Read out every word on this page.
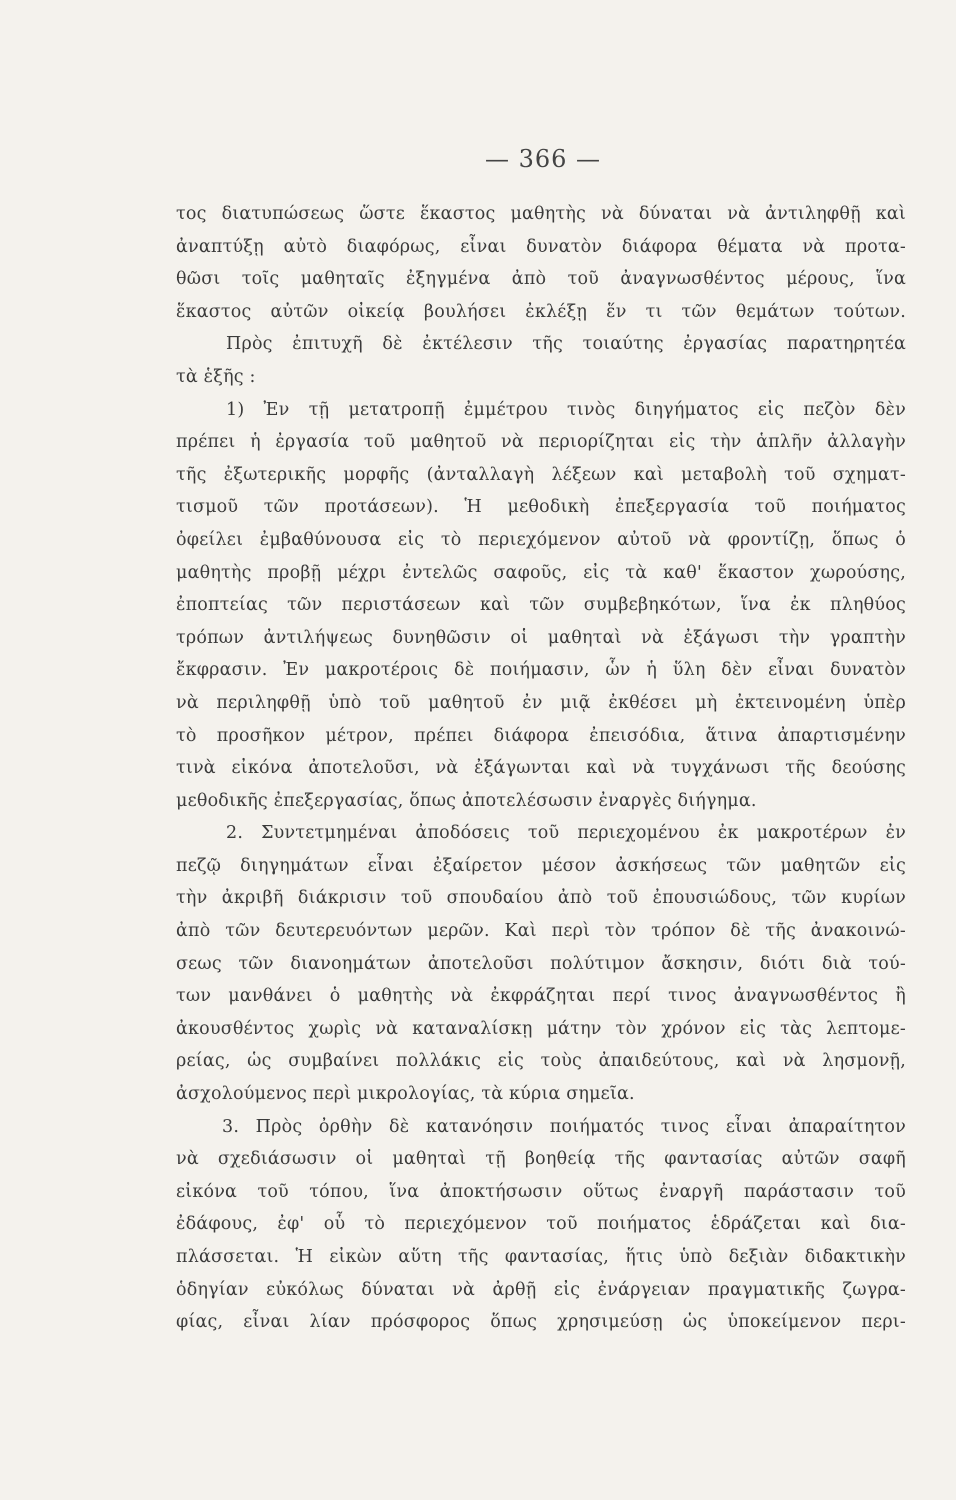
— 366 —
τος διατυπώσεως ὥστε ἕκαστος μαθητὴς νὰ δύναται νὰ ἀντιληφθῇ καὶ
ἀναπτύξῃ αὐτὸ διαφόρως, εἶναι δυνατὸν διάφορα θέματα νὰ προτα-
θῶσι τοῖς μαθηταῖς ἐξηγμένα ἀπὸ τοῦ ἀναγνωσθέντος μέρους, ἵνα
ἕκαστος αὐτῶν οἰκείᾳ βουλήσει ἐκλέξῃ ἕν τι τῶν θεμάτων τούτων.
Πρὸς ἐπιτυχῆ δὲ ἐκτέλεσιν τῆς τοιαύτης ἐργασίας παρατηρητέα
τὰ ἑξῆς :
1) Ἐν τῇ μετατροπῇ ἐμμέτρου τινὸς διηγήματος εἰς πεζὸν δὲν
πρέπει ἡ ἐργασία τοῦ μαθητοῦ νὰ περιορίζηται εἰς τὴν ἁπλῆν ἀλλαγὴν
τῆς ἐξωτερικῆς μορφῆς (ἀνταλλαγὴ λέξεων καὶ μεταβολὴ τοῦ σχηματ-
τισμοῦ τῶν προτάσεων). Ἡ μεθοδικὴ ἐπεξεργασία τοῦ ποιήματος
ὀφείλει ἐμβαθύνουσα εἰς τὸ περιεχόμενον αὐτοῦ νὰ φροντίζῃ, ὅπως ὁ
μαθητὴς προβῇ μέχρι ἐντελῶς σαφοῦς, εἰς τὰ καθ' ἕκαστον χωρούσης,
ἐποπτείας τῶν περιστάσεων καὶ τῶν συμβεβηκότων, ἵνα ἐκ πληθύος
τρόπων ἀντιλήψεως δυνηθῶσιν οἱ μαθηταὶ νὰ ἐξάγωσι τὴν γραπτὴν
ἔκφρασιν. Ἐν μακροτέροις δὲ ποιήμασιν, ὧν ἡ ὕλη δὲν εἶναι δυνατὸν
νὰ περιληφθῇ ὑπὸ τοῦ μαθητοῦ ἐν μιᾷ ἐκθέσει μὴ ἐκτεινομένη ὑπὲρ
τὸ προσῆκον μέτρον, πρέπει διάφορα ἐπεισόδια, ἅτινα ἀπαρτισμένην
τινὰ εἰκόνα ἀποτελοῦσι, νὰ ἐξάγωνται καὶ νὰ τυγχάνωσι τῆς δεούσης
μεθοδικῆς ἐπεξεργασίας, ὅπως ἀποτελέσωσιν ἐναργὲς διήγημα.
2. Συντετμημέναι ἀποδόσεις τοῦ περιεχομένου ἐκ μακροτέρων ἐν
πεζῷ διηγημάτων εἶναι ἐξαίρετον μέσον ἀσκήσεως τῶν μαθητῶν εἰς
τὴν ἀκριβῆ διάκρισιν τοῦ σπουδαίου ἀπὸ τοῦ ἐπουσιώδους, τῶν κυρίων
ἀπὸ τῶν δευτερευόντων μερῶν. Καὶ περὶ τὸν τρόπον δὲ τῆς ἀνακοινώ-
σεως τῶν διανοημάτων ἀποτελοῦσι πολύτιμον ἄσκησιν, διότι διὰ τού-
των μανθάνει ὁ μαθητὴς νὰ ἐκφράζηται περί τινος ἀναγνωσθέντος ἢ
ἀκουσθέντος χωρὶς νὰ καταναλίσκῃ μάτην τὸν χρόνον εἰς τὰς λεπτομε-
ρείας, ὡς συμβαίνει πολλάκις εἰς τοὺς ἀπαιδεύτους, καὶ νὰ λησμονῇ,
ἀσχολούμενος περὶ μικρολογίας, τὰ κύρια σημεῖα.
3. Πρὸς ὀρθὴν δὲ κατανόησιν ποιήματός τινος εἶναι ἀπαραίτητον
νὰ σχεδιάσωσιν οἱ μαθηταὶ τῇ βοηθείᾳ τῆς φαντασίας αὐτῶν σαφῆ
εἰκόνα τοῦ τόπου, ἵνα ἀποκτήσωσιν οὕτως ἐναργῆ παράστασιν τοῦ
ἐδάφους, ἐφ' οὗ τὸ περιεχόμενον τοῦ ποιήματος ἑδράζεται καὶ δια-
πλάσσεται. Ἡ εἰκὼν αὕτη τῆς φαντασίας, ἥτις ὑπὸ δεξιὰν διδακτικὴν
ὁδηγίαν εὐκόλως δύναται νὰ ἀρθῇ εἰς ἐνάργειαν πραγματικῆς ζωγρα-
φίας, εἶναι λίαν πρόσφορος ὅπως χρησιμεύσῃ ὡς ὑποκείμενον περι-
